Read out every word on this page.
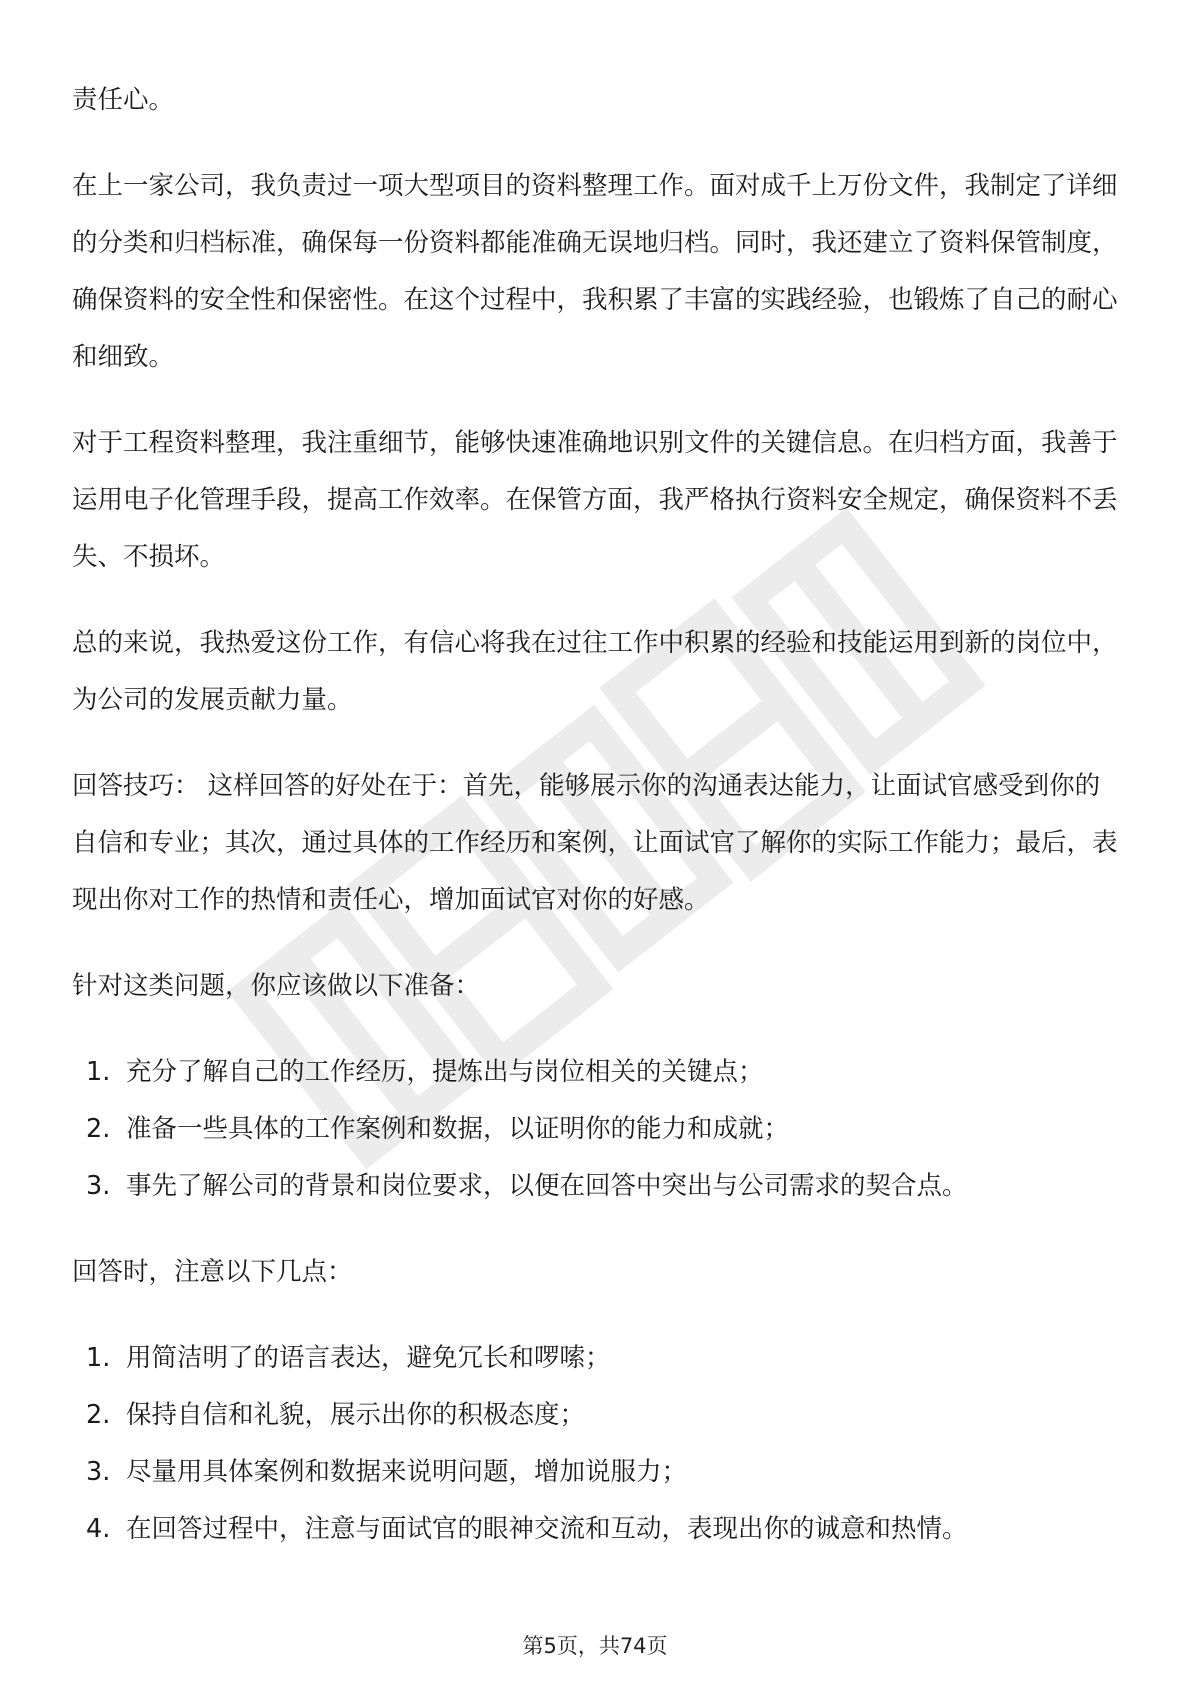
责任心。

在上一家公司，我负责过一项大型项目的资料整理工作。面对成千上万份文件，我制定了详细的分类和归档标准，确保每一份资料都能准确无误地归档。同时，我还建立了资料保管制度，确保资料的安全性和保密性。在这个过程中，我积累了丰富的实践经验，也锻炼了自己的耐心和细致。

对于工程资料整理，我注重细节，能够快速准确地识别文件的关键信息。在归档方面，我善于运用电子化管理手段，提高工作效率。在保管方面，我严格执行资料安全规定，确保资料不丢失、不损坏。

总的来说，我热爱这份工作，有信心将我在过往工作中积累的经验和技能运用到新的岗位中，为公司的发展贡献力量。

回答技巧： 这样回答的好处在于：首先，能够展示你的沟通表达能力，让面试官感受到你的自信和专业；其次，通过具体的工作经历和案例，让面试官了解你的实际工作能力；最后，表现出你对工作的热情和责任心，增加面试官对你的好感。

针对这类问题，你应该做以下准备：

1. 充分了解自己的工作经历，提炼出与岗位相关的关键点；
2. 准备一些具体的工作案例和数据，以证明你的能力和成就；
3. 事先了解公司的背景和岗位要求，以便在回答中突出与公司需求的契合点。

回答时，注意以下几点：

1. 用简洁明了的语言表达，避免冗长和啰嗦；
2. 保持自信和礼貌，展示出你的积极态度；
3. 尽量用具体案例和数据来说明问题，增加说服力；
4. 在回答过程中，注意与面试官的眼神交流和互动，表现出你的诚意和热情。
第5页，共74页
